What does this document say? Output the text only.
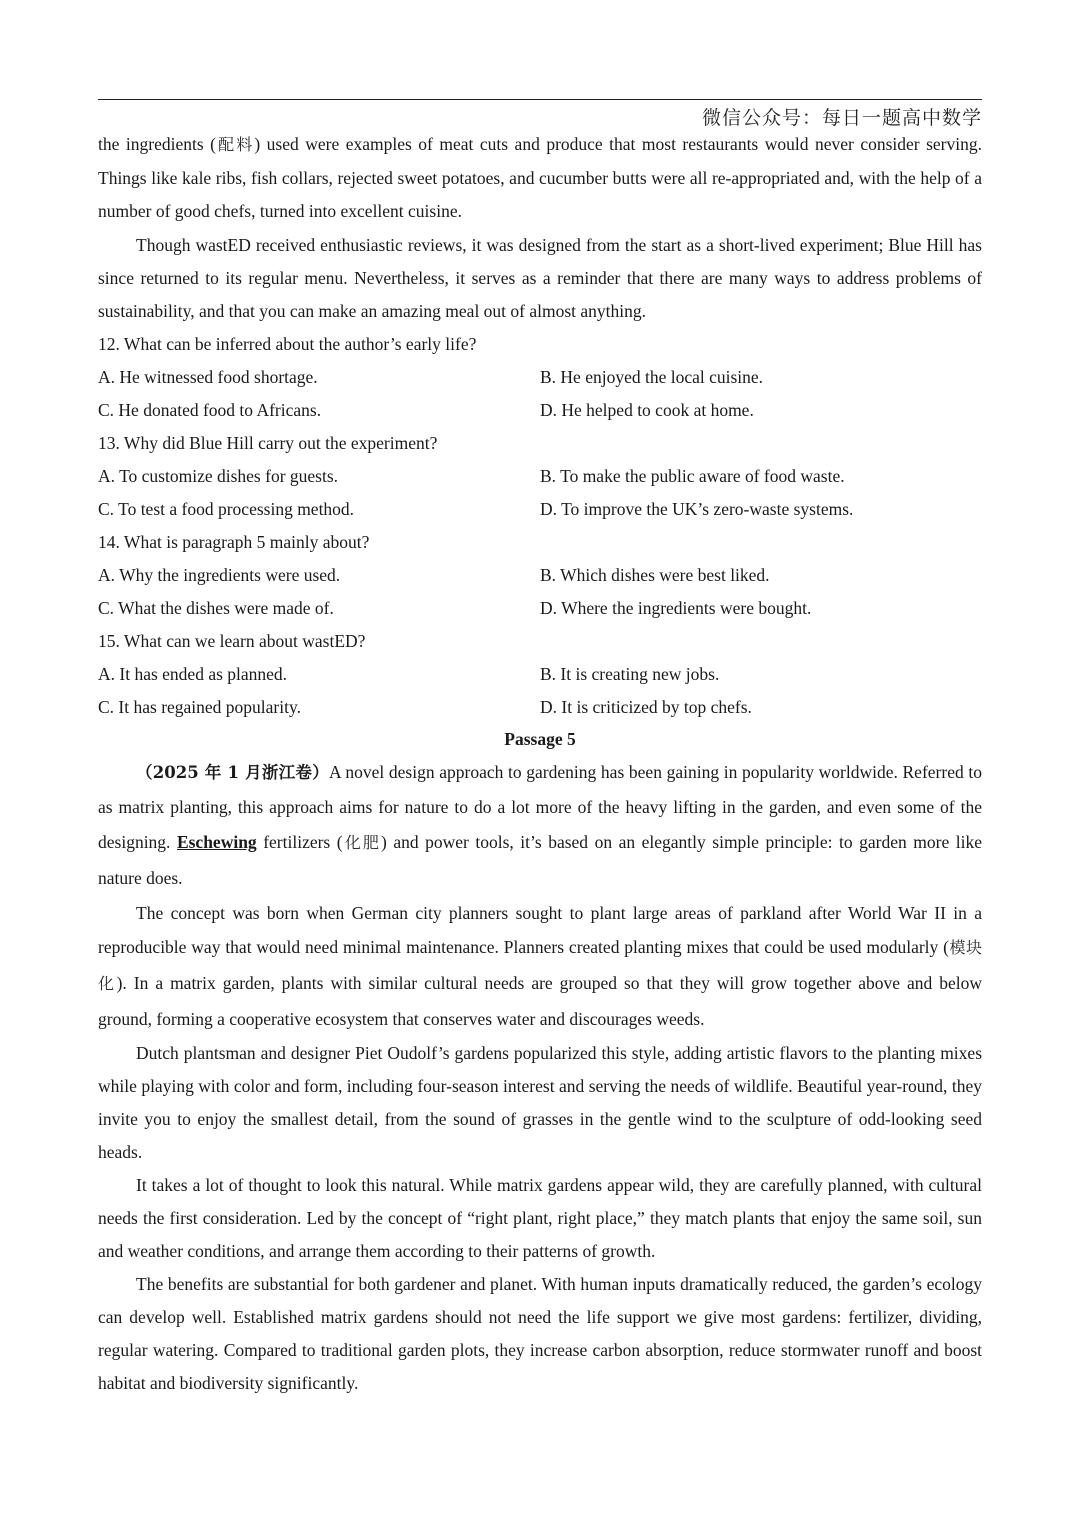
微信公众号：每日一题高中数学

the ingredients (配料) used were examples of meat cuts and produce that most restaurants would never consider serving. Things like kale ribs, fish collars, rejected sweet potatoes, and cucumber butts were all re-appropriated and, with the help of a number of good chefs, turned into excellent cuisine.

Though wastED received enthusiastic reviews, it was designed from the start as a short-lived experiment; Blue Hill has since returned to its regular menu. Nevertheless, it serves as a reminder that there are many ways to address problems of sustainability, and that you can make an amazing meal out of almost anything.

12. What can be inferred about the author’s early life?
A. He witnessed food shortage.	B. He enjoyed the local cuisine.
C. He donated food to Africans.	D. He helped to cook at home.
13. Why did Blue Hill carry out the experiment?
A. To customize dishes for guests.	B. To make the public aware of food waste.
C. To test a food processing method.	D. To improve the UK’s zero-waste systems.
14. What is paragraph 5 mainly about?
A. Why the ingredients were used.	B. Which dishes were best liked.
C. What the dishes were made of.	D. Where the ingredients were bought.
15. What can we learn about wastED?
A. It has ended as planned.	B. It is creating new jobs.
C. It has regained popularity.	D. It is criticized by top chefs.
Passage 5

（2025 年 1 月浙江卷）A novel design approach to gardening has been gaining in popularity worldwide. Referred to as matrix planting, this approach aims for nature to do a lot more of the heavy lifting in the garden, and even some of the designing. Eschewing fertilizers (化肥) and power tools, it’s based on an elegantly simple principle: to garden more like nature does.

The concept was born when German city planners sought to plant large areas of parkland after World War II in a reproducible way that would need minimal maintenance. Planners created planting mixes that could be used modularly (模块化). In a matrix garden, plants with similar cultural needs are grouped so that they will grow together above and below ground, forming a cooperative ecosystem that conserves water and discourages weeds.

Dutch plantsman and designer Piet Oudolf’s gardens popularized this style, adding artistic flavors to the planting mixes while playing with color and form, including four-season interest and serving the needs of wildlife. Beautiful year-round, they invite you to enjoy the smallest detail, from the sound of grasses in the gentle wind to the sculpture of odd-looking seed heads.

It takes a lot of thought to look this natural. While matrix gardens appear wild, they are carefully planned, with cultural needs the first consideration. Led by the concept of “right plant, right place,” they match plants that enjoy the same soil, sun and weather conditions, and arrange them according to their patterns of growth.

The benefits are substantial for both gardener and planet. With human inputs dramatically reduced, the garden’s ecology can develop well. Established matrix gardens should not need the life support we give most gardens: fertilizer, dividing, regular watering. Compared to traditional garden plots, they increase carbon absorption, reduce stormwater runoff and boost habitat and biodiversity significantly.
